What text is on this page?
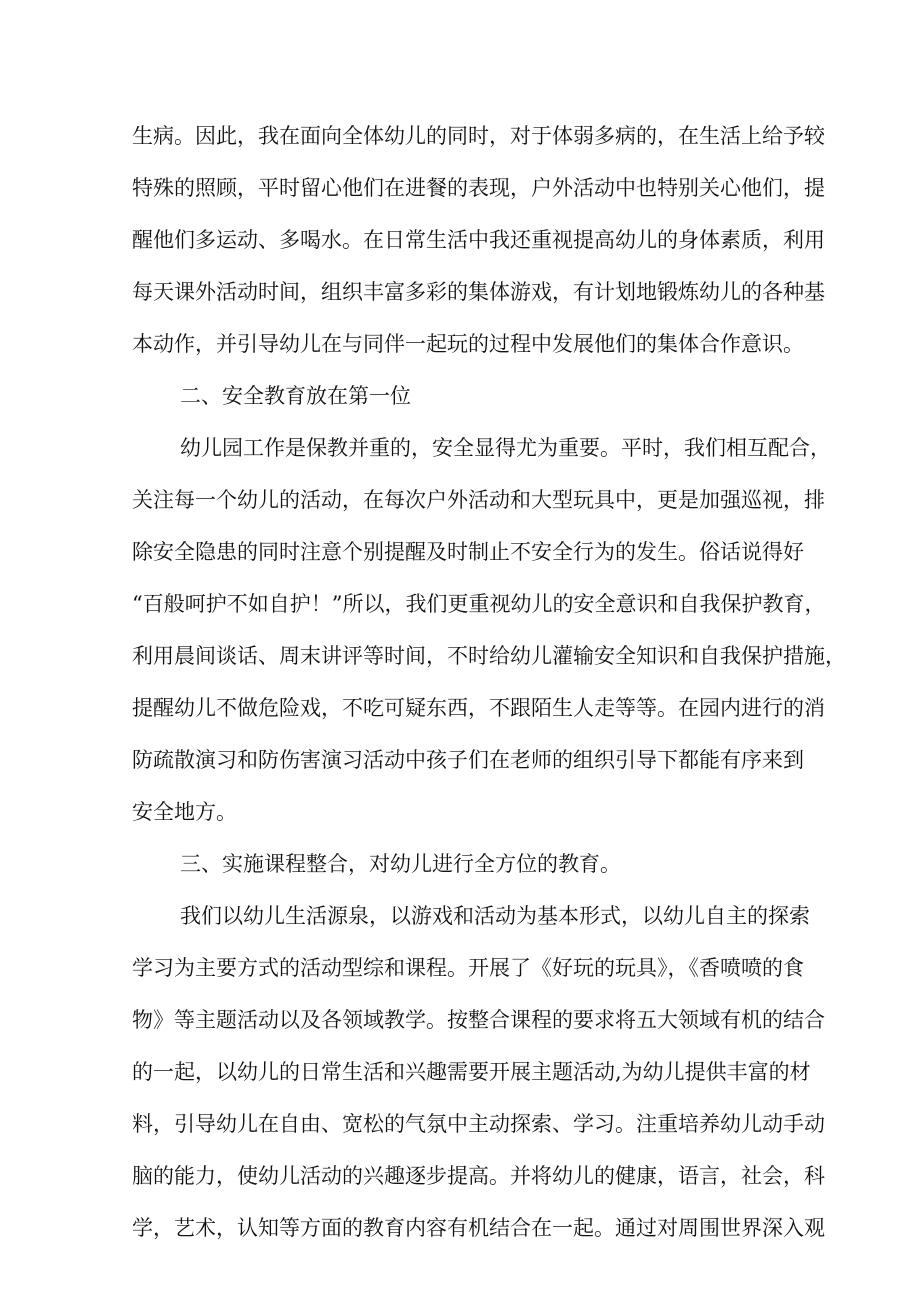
生病。因此，我在面向全体幼儿的同时，对于体弱多病的，在生活上给予较
特殊的照顾，平时留心他们在进餐的表现，户外活动中也特别关心他们，提
醒他们多运动、多喝水。在日常生活中我还重视提高幼儿的身体素质，利用
每天课外活动时间，组织丰富多彩的集体游戏，有计划地锻炼幼儿的各种基
本动作，并引导幼儿在与同伴一起玩的过程中发展他们的集体合作意识。
二、安全教育放在第一位
幼儿园工作是保教并重的，安全显得尤为重要。平时，我们相互配合，
关注每一个幼儿的活动，在每次户外活动和大型玩具中，更是加强巡视，排
除安全隐患的同时注意个别提醒及时制止不安全行为的发生。俗话说得好
“百般呵护不如自护！”所以，我们更重视幼儿的安全意识和自我保护教育，
利用晨间谈话、周末讲评等时间，不时给幼儿灌输安全知识和自我保护措施，
提醒幼儿不做危险戏，不吃可疑东西，不跟陌生人走等等。在园内进行的消
防疏散演习和防伤害演习活动中孩子们在老师的组织引导下都能有序来到
安全地方。
三、实施课程整合，对幼儿进行全方位的教育。
我们以幼儿生活源泉，以游戏和活动为基本形式，以幼儿自主的探索
学习为主要方式的活动型综和课程。开展了《好玩的玩具》，《香喷喷的食
物》等主题活动以及各领域教学。按整合课程的要求将五大领域有机的结合
的一起，以幼儿的日常生活和兴趣需要开展主题活动,为幼儿提供丰富的材
料，引导幼儿在自由、宽松的气氛中主动探索、学习。注重培养幼儿动手动
脑的能力，使幼儿活动的兴趣逐步提高。并将幼儿的健康，语言，社会，科
学，艺术，认知等方面的教育内容有机结合在一起。通过对周围世界深入观
